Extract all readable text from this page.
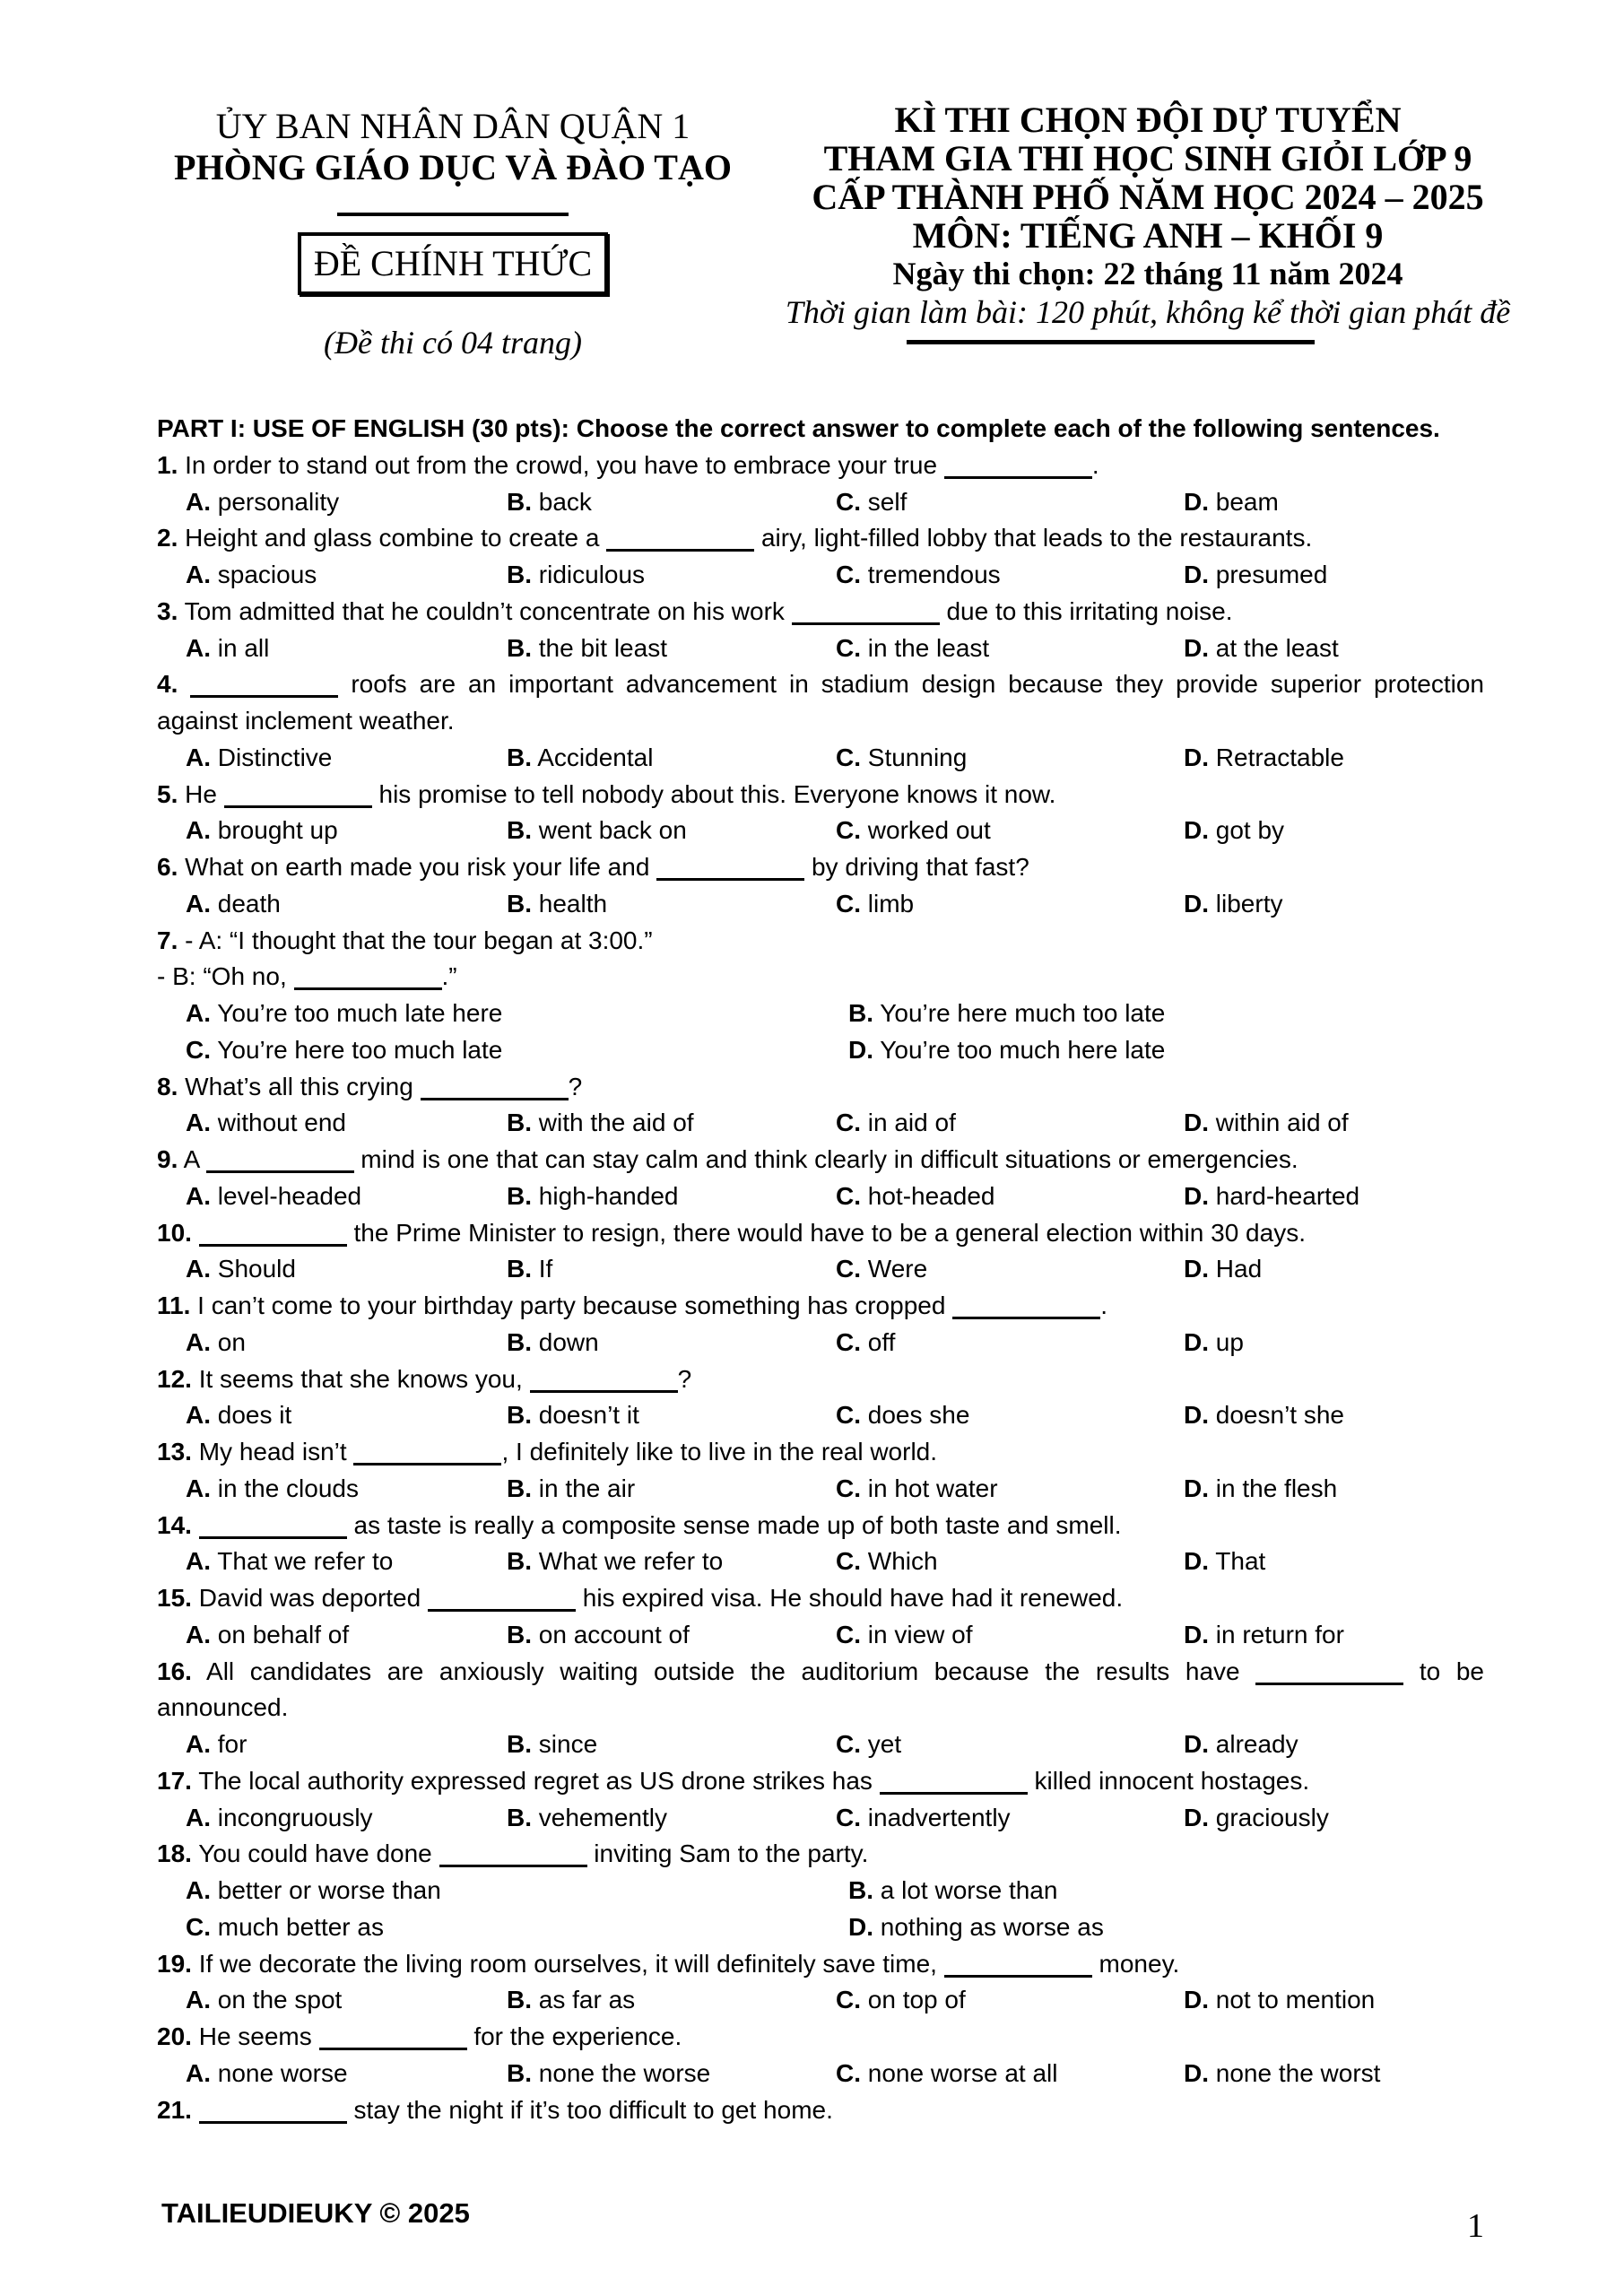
ỦY BAN NHÂN DÂN QUẬN 1
PHÒNG GIÁO DỤC VÀ ĐÀO TẠO
ĐỀ CHÍNH THỨC
(Đề thi có 04 trang)
KÌ THI CHỌN ĐỘI DỰ TUYỂN
THAM GIA THI HỌC SINH GIỎI LỚP 9
CẤP THÀNH PHỐ NĂM HỌC 2024 – 2025
MÔN: TIẾNG ANH – KHỐI 9
Ngày thi chọn: 22 tháng 11 năm 2024
Thời gian làm bài: 120 phút, không kể thời gian phát đề

PART I: USE OF ENGLISH (30 pts): Choose the correct answer to complete each of the following sentences.

1. In order to stand out from the crowd, you have to embrace your true	.

A. personality	B. back	C. self	D. beam

2. Height and glass combine to create a	airy, light-filled lobby that leads to the restaurants.

A. spacious	B. ridiculous	C. tremendous	D. presumed

3. Tom admitted that he couldn’t concentrate on his work	due to this irritating noise.

A. in all	B. the bit least	C. in the least	D. at the least

4.	roofs are an important advancement in stadium design because they provide superior protection against inclement weather.

A. Distinctive	B. Accidental	C. Stunning	D. Retractable

5. He	his promise to tell nobody about this. Everyone knows it now.

A. brought up	B. went back on	C. worked out	D. got by

6. What on earth made you risk your life and	by driving that fast?

A. death	B. health	C. limb	D. liberty

7. - A: “I thought that the tour began at 3:00.”

- B: “Oh no,	.”

A. You’re too much late here	B. You’re here much too late
C. You’re here too much late	D. You’re too much here late

8. What’s all this crying	?

A. without end	B. with the aid of	C. in aid of	D. within aid of

9. A	mind is one that can stay calm and think clearly in difficult situations or emergencies.

A. level-headed	B. high-handed	C. hot-headed	D. hard-hearted

10.	the Prime Minister to resign, there would have to be a general election within 30 days.

A. Should	B. If	C. Were	D. Had

11. I can’t come to your birthday party because something has cropped	.

A. on	B. down	C. off	D. up

12. It seems that she knows you,	?

A. does it	B. doesn’t it	C. does she	D. doesn’t she

13. My head isn’t	, I definitely like to live in the real world.

A. in the clouds	B. in the air	C. in hot water	D. in the flesh

14.	as taste is really a composite sense made up of both taste and smell.

A. That we refer to	B. What we refer to	C. Which	D. That

15. David was deported	his expired visa. He should have had it renewed.

A. on behalf of	B. on account of	C. in view of	D. in return for

16. All candidates are anxiously waiting outside the auditorium because the results have	to be announced.

A. for	B. since	C. yet	D. already

17. The local authority expressed regret as US drone strikes has	killed innocent hostages.

A. incongruously	B. vehemently	C. inadvertently	D. graciously

18. You could have done	inviting Sam to the party.

A. better or worse than	B. a lot worse than
C. much better as	D. nothing as worse as

19. If we decorate the living room ourselves, it will definitely save time,	money.

A. on the spot	B. as far as	C. on top of	D. not to mention

20. He seems	for the experience.

A. none worse	B. none the worse	C. none worse at all	D. none the worst

21.	stay the night if it’s too difficult to get home.

TAILIEUDIEUKY © 2025	1
